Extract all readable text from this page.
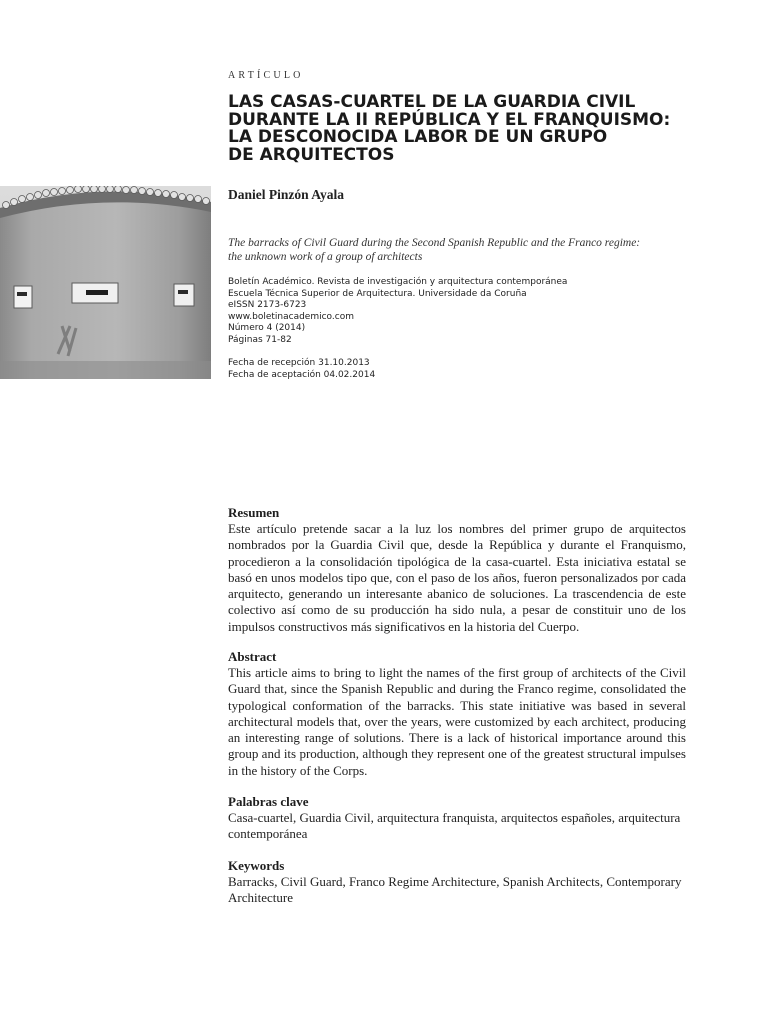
ARTÍCULO
LAS CASAS-CUARTEL DE LA GUARDIA CIVIL
DURANTE LA II REPÚBLICA Y EL FRANQUISMO:
LA DESCONOCIDA LABOR DE UN GRUPO
DE ARQUITECTOS
Daniel Pinzón Ayala
The barracks of Civil Guard during the Second Spanish Republic and the Franco regime:
the unknown work of a group of architects
Boletín Académico. Revista de investigación y arquitectura contemporánea
Escuela Técnica Superior de Arquitectura. Universidade da Coruña
eISSN 2173-6723
www.boletinacademico.com
Número 4 (2014)
Páginas 71-82
Fecha de recepción 31.10.2013
Fecha de aceptación 04.02.2014
Resumen

Este artículo pretende sacar a la luz los nombres del primer grupo de arquitectos nombrados por la Guardia Civil que, desde la República y durante el Franquismo, procedieron a la consolidación tipológica de la casa-cuartel. Esta iniciativa estatal se basó en unos modelos tipo que, con el paso de los años, fueron personalizados por cada arquitecto, generando un interesante abanico de soluciones. La trascendencia de este colectivo así como de su producción ha sido nula, a pesar de constituir uno de los impulsos constructivos más significativos en la historia del Cuerpo.

Abstract

This article aims to bring to light the names of the first group of architects of the Civil Guard that, since the Spanish Republic and during the Franco regime, consolidated the typological conformation of the barracks. This state initiative was based in several architectural models that, over the years, were customized by each architect, producing an interesting range of solutions. There is a lack of historical importance around this group and its production, although they represent one of the greatest structural impulses in the history of the Corps.

Palabras clave

Casa-cuartel, Guardia Civil, arquitectura franquista, arquitectos españoles, arquitectura contemporánea

Keywords

Barracks, Civil Guard, Franco Regime Architecture, Spanish Architects, Contemporary Architecture
